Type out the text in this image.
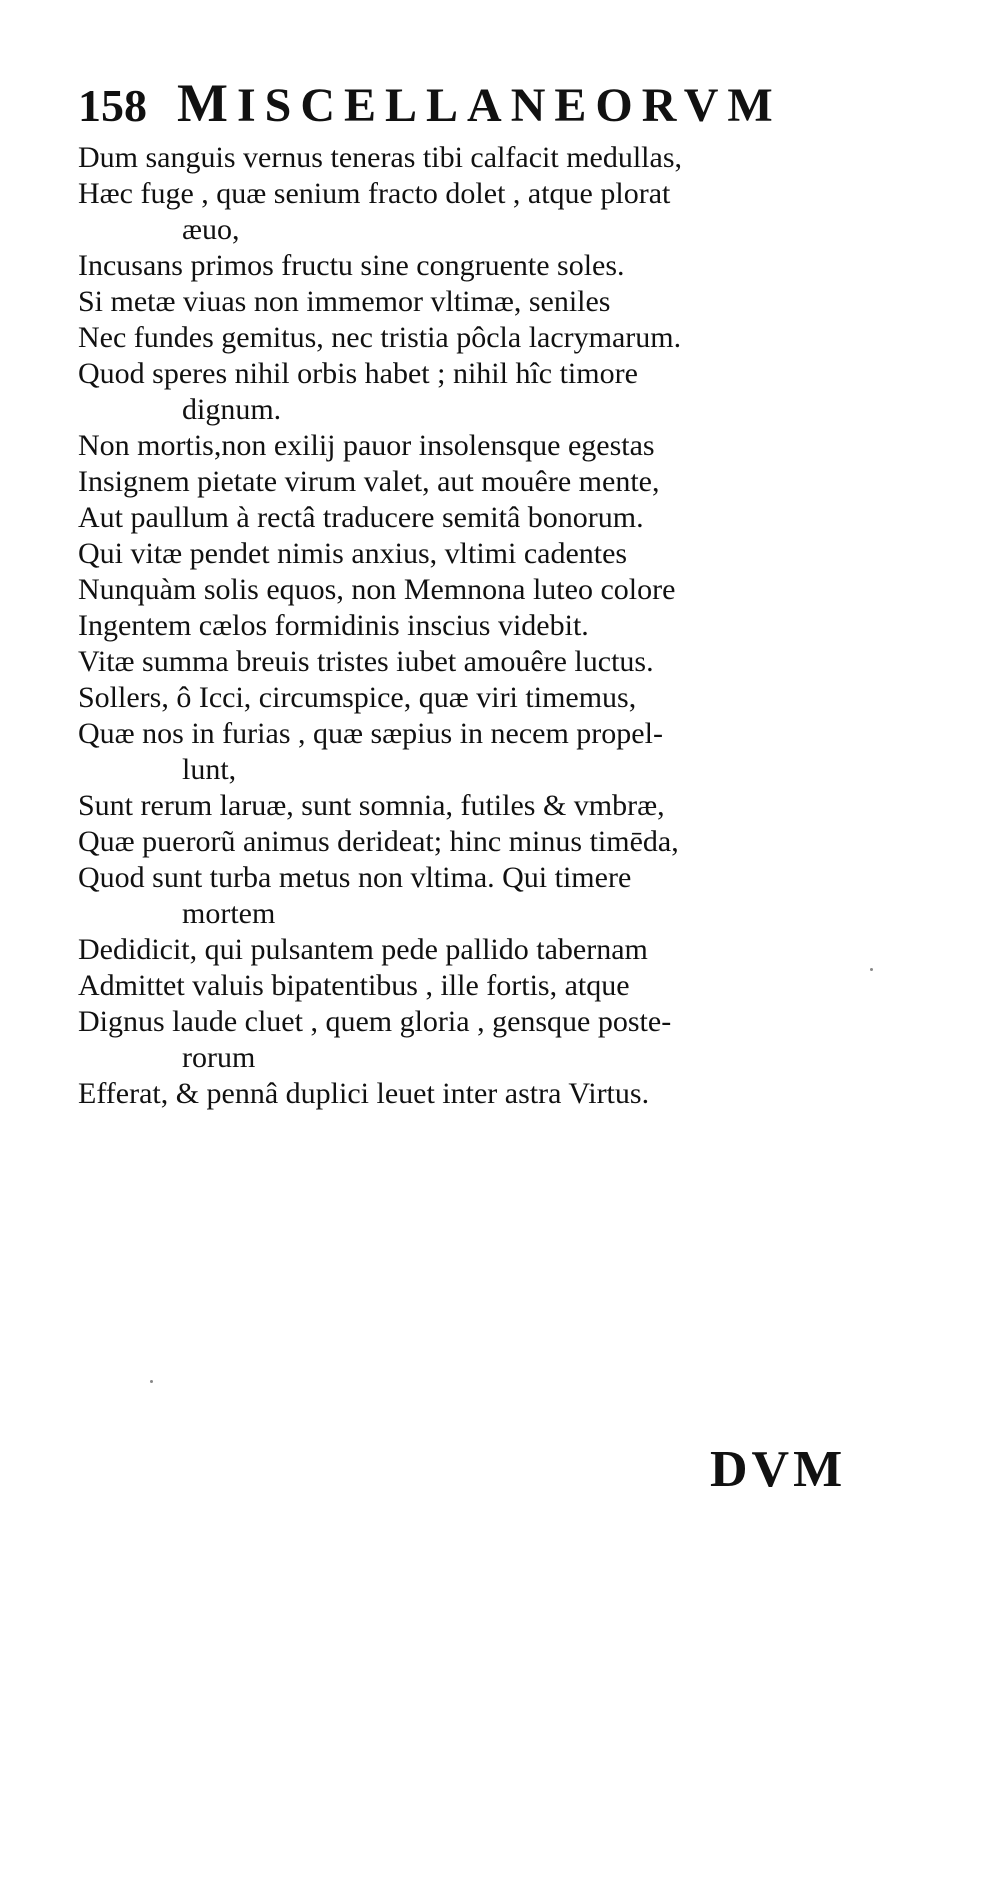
158 MISCELLANEORVM
Dum sanguis vernus teneras tibi calfacit medullas,
Hæc fuge , quæ senium fracto dolet , atque plorat
æuo,
Incusans primos fructu sine congruente soles.
Si metæ viuas non immemor vltimæ, seniles
Nec fundes gemitus, nec tristia pôcla lacrymarum.
Quod speres nihil orbis habet ; nihil hîc timore
dignum.
Non mortis,non exilij pauor insolensque egestas
Insignem pietate virum valet, aut mouêre mente,
Aut paullum à rectâ traducere semitâ bonorum.
Qui vitæ pendet nimis anxius, vltimi cadentes
Nunquàm solis equos, non Memnona luteo colore
Ingentem cælos formidinis inscius videbit.
Vitæ summa breuis tristes iubet amouêre luctus.
Sollers, ô Icci, circumspice, quæ viri timemus,
Quæ nos in furias , quæ sæpius in necem propel-
lunt,
Sunt rerum laruæ, sunt somnia, futiles & vmbræ,
Quæ puerorũ animus derideat; hinc minus timēda,
Quod sunt turba metus non vltima. Qui timere
mortem
Dedidicit, qui pulsantem pede pallido tabernam
Admittet valuis bipatentibus , ille fortis, atque
Dignus laude cluet , quem gloria , gensque poste-
rorum
Efferat, & pennâ duplici leuet inter astra Virtus.
DVM
